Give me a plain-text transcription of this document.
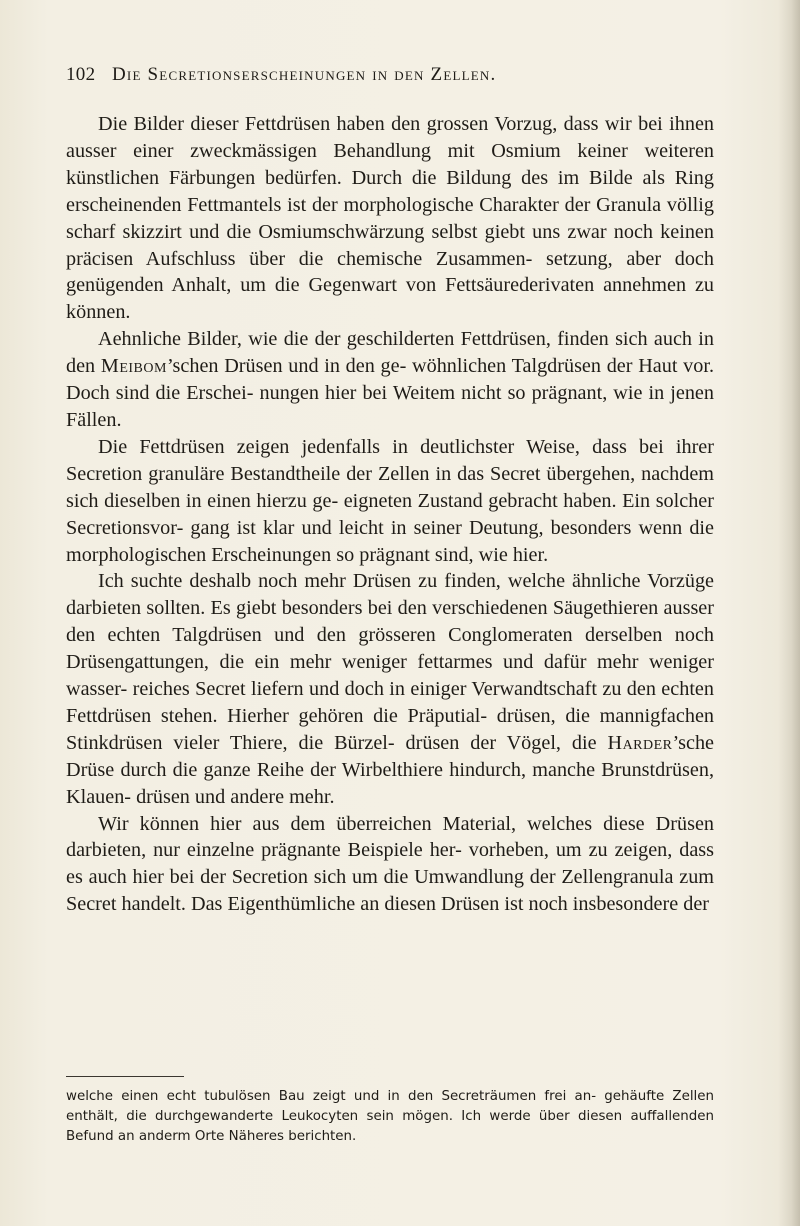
102 Die Secretionserscheinungen in den Zellen.

Die Bilder dieser Fettdrüsen haben den grossen Vorzug, dass wir bei ihnen ausser einer zweckmässigen Behandlung mit Osmium keiner weiteren künstlichen Färbungen bedürfen. Durch die Bildung des im Bilde als Ring erscheinenden Fettmantels ist der morphologische Charakter der Granula völlig scharf skizzirt und die Osmiumschwärzung selbst giebt uns zwar noch keinen präcisen Aufschluss über die chemische Zusammen- setzung, aber doch genügenden Anhalt, um die Gegenwart von Fettsäurederivaten annehmen zu können.

Aehnliche Bilder, wie die der geschilderten Fettdrüsen, finden sich auch in den Meibom’schen Drüsen und in den ge- wöhnlichen Talgdrüsen der Haut vor. Doch sind die Erschei- nungen hier bei Weitem nicht so prägnant, wie in jenen Fällen.

Die Fettdrüsen zeigen jedenfalls in deutlichster Weise, dass bei ihrer Secretion granuläre Bestandtheile der Zellen in das Secret übergehen, nachdem sich dieselben in einen hierzu ge- eigneten Zustand gebracht haben. Ein solcher Secretionsvor- gang ist klar und leicht in seiner Deutung, besonders wenn die morphologischen Erscheinungen so prägnant sind, wie hier.

Ich suchte deshalb noch mehr Drüsen zu finden, welche ähnliche Vorzüge darbieten sollten. Es giebt besonders bei den verschiedenen Säugethieren ausser den echten Talgdrüsen und den grösseren Conglomeraten derselben noch Drüsengattungen, die ein mehr weniger fettarmes und dafür mehr weniger wasser- reiches Secret liefern und doch in einiger Verwandtschaft zu den echten Fettdrüsen stehen. Hierher gehören die Präputial- drüsen, die mannigfachen Stinkdrüsen vieler Thiere, die Bürzel- drüsen der Vögel, die Harder’sche Drüse durch die ganze Reihe der Wirbelthiere hindurch, manche Brunstdrüsen, Klauen- drüsen und andere mehr.

Wir können hier aus dem überreichen Material, welches diese Drüsen darbieten, nur einzelne prägnante Beispiele her- vorheben, um zu zeigen, dass es auch hier bei der Secretion sich um die Umwandlung der Zellengranula zum Secret handelt. Das Eigenthümliche an diesen Drüsen ist noch insbesondere der

welche einen echt tubulösen Bau zeigt und in den Secreträumen frei an- gehäufte Zellen enthält, die durchgewanderte Leukocyten sein mögen. Ich werde über diesen auffallenden Befund an anderm Orte Näheres berichten.
